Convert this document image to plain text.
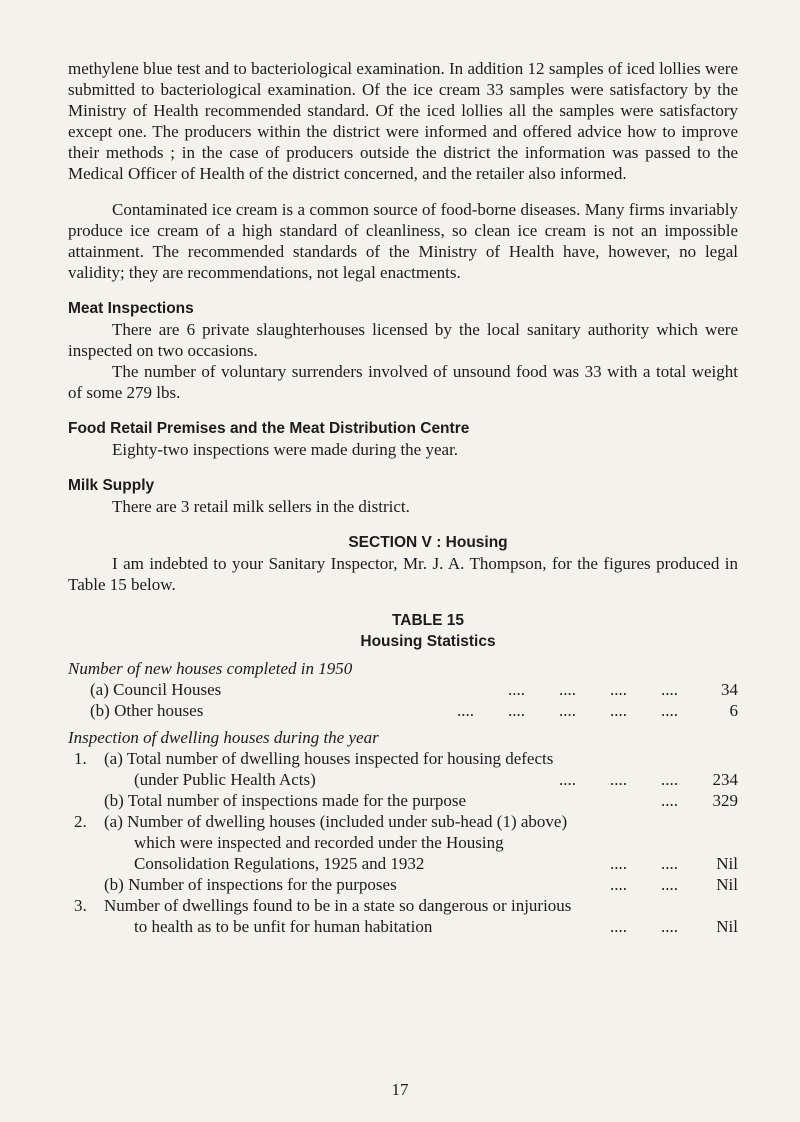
methylene blue test and to bacteriological examination. In addition 12 samples of iced lollies were submitted to bacteriological examination. Of the ice cream 33 samples were satisfactory by the Ministry of Health recommended standard. Of the iced lollies all the samples were satisfactory except one. The producers within the district were informed and offered advice how to improve their methods ; in the case of producers outside the district the information was passed to the Medical Officer of Health of the district concerned, and the retailer also informed.

Contaminated ice cream is a common source of food-borne diseases. Many firms invariably produce ice cream of a high standard of cleanliness, so clean ice cream is not an impossible attainment. The recommended standards of the Ministry of Health have, however, no legal validity; they are recommendations, not legal enactments.

Meat Inspections

There are 6 private slaughterhouses licensed by the local sanitary authority which were inspected on two occasions.

The number of voluntary surrenders involved of unsound food was 33 with a total weight of some 279 lbs.

Food Retail Premises and the Meat Distribution Centre

Eighty-two inspections were made during the year.

Milk Supply

There are 3 retail milk sellers in the district.

SECTION V : Housing

I am indebted to your Sanitary Inspector, Mr. J. A. Thompson, for the figures produced in Table 15 below.

TABLE 15
Housing Statistics
Number of new houses completed in 1950
(a) Council Houses	....        ....        ....        ....	34
(b) Other houses	....        ....        ....        ....        ....	6
Inspection of dwelling houses during the year
1.	(a) Total number of dwelling houses inspected for housing defects
(under Public Health Acts)	....        ....        ....	234
(b) Total number of inspections made for the purpose	....	329
2.	(a) Number of dwelling houses (included under sub-head (1) above)
which were inspected and recorded under the Housing
Consolidation Regulations, 1925 and 1932	....        ....	Nil
(b) Number of inspections for the purposes	....        ....	Nil
3.	Number of dwellings found to be in a state so dangerous or injurious
to health as to be unfit for human habitation	....        ....	Nil
17
